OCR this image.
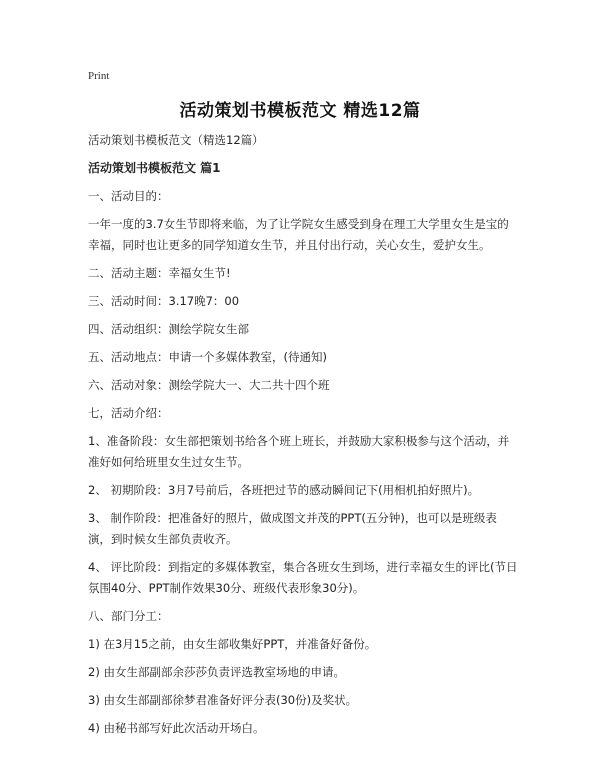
Print
活动策划书模板范文 精选12篇

活动策划书模板范文（精选12篇）

活动策划书模板范文 篇1

一、活动目的：

一年一度的3.7女生节即将来临，为了让学院女生感受到身在理工大学里女生是宝的幸福，同时也让更多的同学知道女生节，并且付出行动，关心女生，爱护女生。

二、活动主题：幸福女生节!

三、活动时间：3.17晚7：00

四、活动组织：测绘学院女生部

五、活动地点：申请一个多媒体教室，(待通知)

六、活动对象：测绘学院大一、大二共十四个班

七，活动介绍：

1、准备阶段：女生部把策划书给各个班上班长，并鼓励大家积极参与这个活动，并准好如何给班里女生过女生节。

2、 初期阶段：3月7号前后，各班把过节的感动瞬间记下(用相机拍好照片)。

3、 制作阶段：把准备好的照片，做成图文并茂的PPT(五分钟)，也可以是班级表演，到时候女生部负责收齐。

4、 评比阶段：到指定的多媒体教室，集合各班女生到场，进行幸福女生的评比(节日氛围40分、PPT制作效果30分、班级代表形象30分)。

八、部门分工：

1) 在3月15之前，由女生部收集好PPT，并准备好备份。

2) 由女生部副部余莎莎负责评选教室场地的申请。

3) 由女生部副部徐梦君准备好评分表(30份)及奖状。

4) 由秘书部写好此次活动开场白。
